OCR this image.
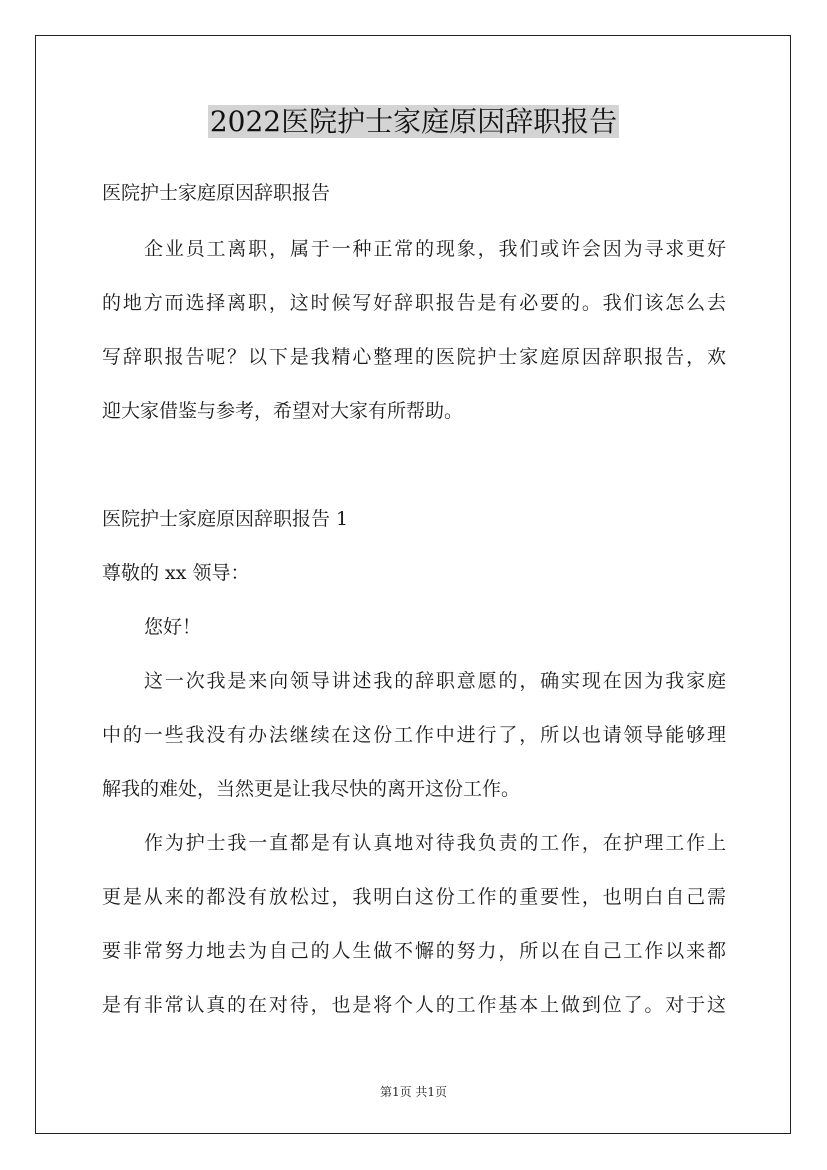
2022医院护士家庭原因辞职报告
医院护士家庭原因辞职报告
企业员工离职，属于一种正常的现象，我们或许会因为寻求更好
的地方而选择离职，这时候写好辞职报告是有必要的。我们该怎么去
写辞职报告呢？以下是我精心整理的医院护士家庭原因辞职报告，欢
迎大家借鉴与参考，希望对大家有所帮助。
医院护士家庭原因辞职报告 1
尊敬的 xx 领导：
您好！
这一次我是来向领导讲述我的辞职意愿的，确实现在因为我家庭
中的一些我没有办法继续在这份工作中进行了，所以也请领导能够理
解我的难处，当然更是让我尽快的离开这份工作。
作为护士我一直都是有认真地对待我负责的工作，在护理工作上
更是从来的都没有放松过，我明白这份工作的重要性，也明白自己需
要非常努力地去为自己的人生做不懈的努力，所以在自己工作以来都
是有非常认真的在对待，也是将个人的工作基本上做到位了。对于这
第1页 共1页
